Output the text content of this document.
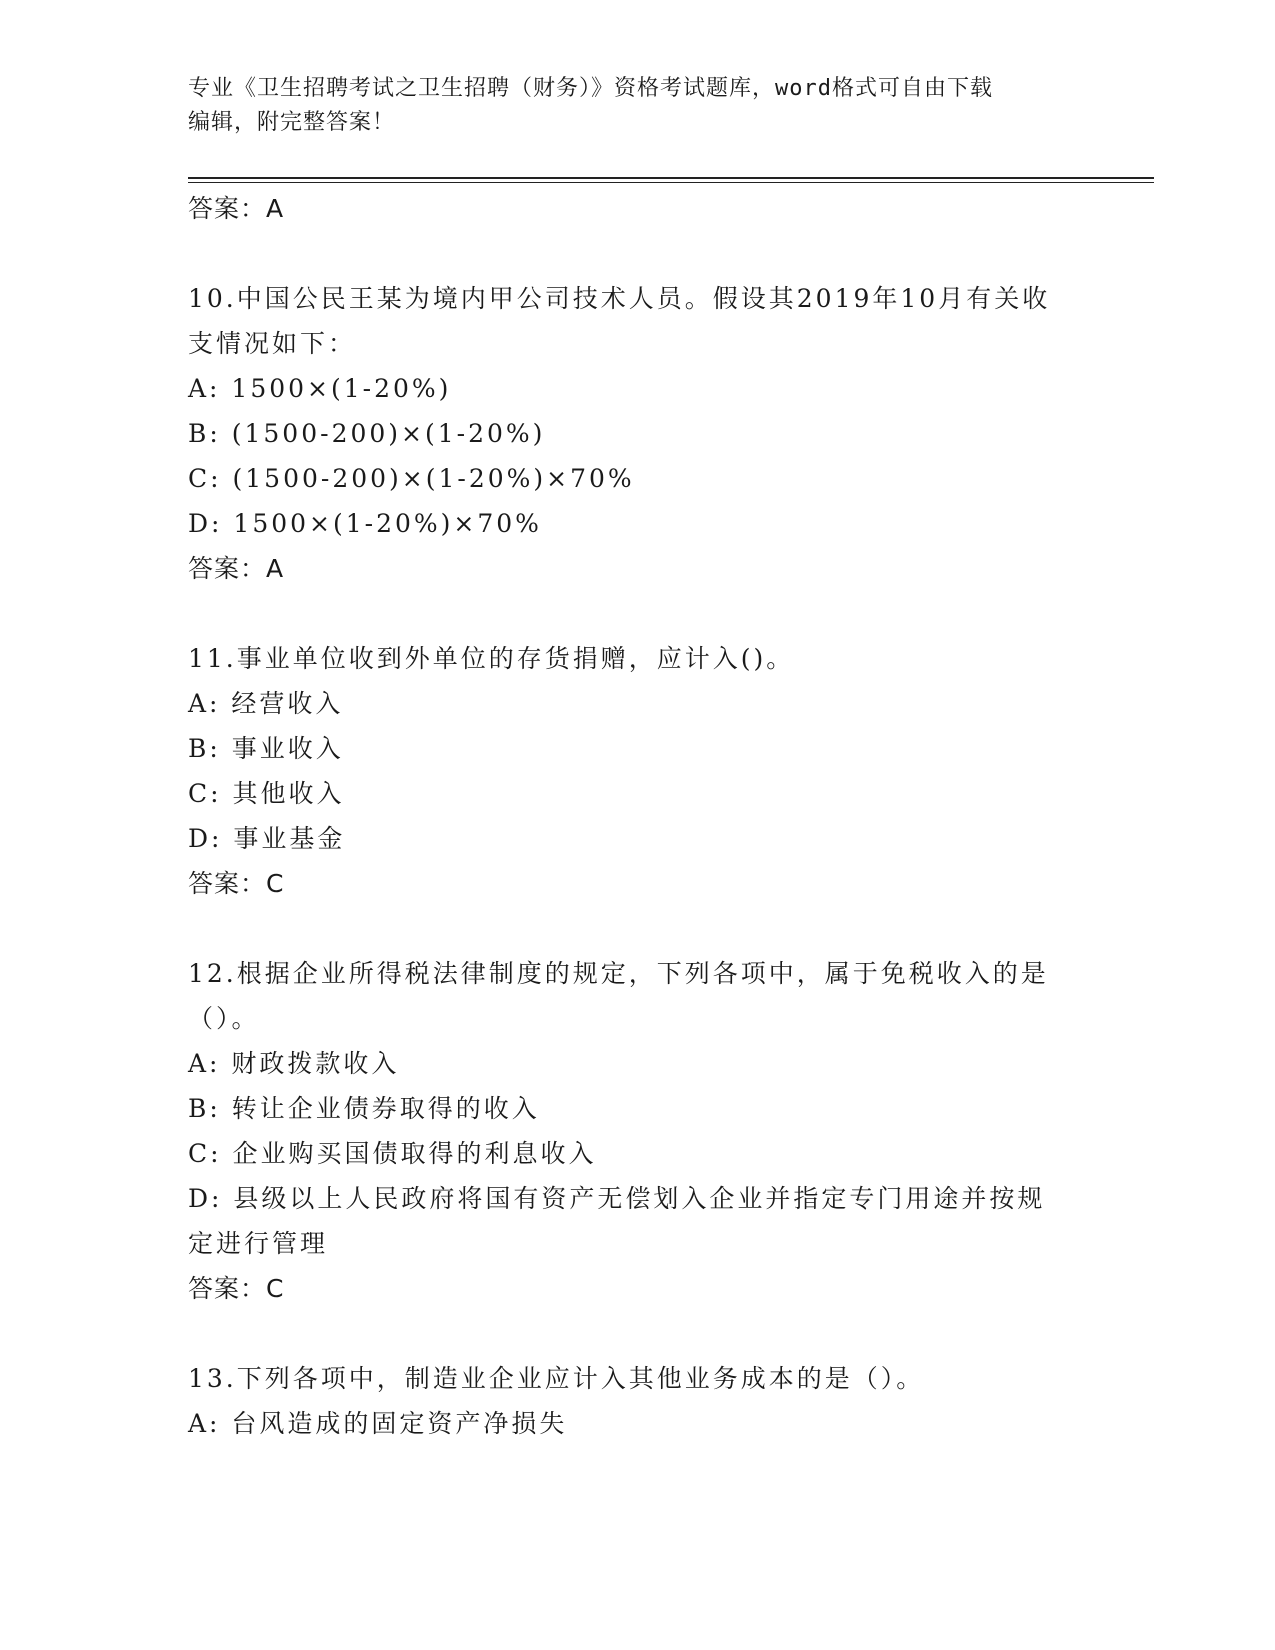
专业《卫生招聘考试之卫生招聘（财务）》资格考试题库，word格式可自由下载
编辑，附完整答案！
答案：A
10.中国公民王某为境内甲公司技术人员。假设其2019年10月有关收
支情况如下：
A: 1500×(1-20%)
B: (1500-200)×(1-20%)
C: (1500-200)×(1-20%)×70%
D: 1500×(1-20%)×70%
答案：A
11.事业单位收到外单位的存货捐赠，应计入()。
A: 经营收入
B: 事业收入
C: 其他收入
D: 事业基金
答案：C
12.根据企业所得税法律制度的规定，下列各项中，属于免税收入的是
（）。
A: 财政拨款收入
B: 转让企业债券取得的收入
C: 企业购买国债取得的利息收入
D: 县级以上人民政府将国有资产无偿划入企业并指定专门用途并按规
定进行管理
答案：C
13.下列各项中，制造业企业应计入其他业务成本的是（）。
A: 台风造成的固定资产净损失
